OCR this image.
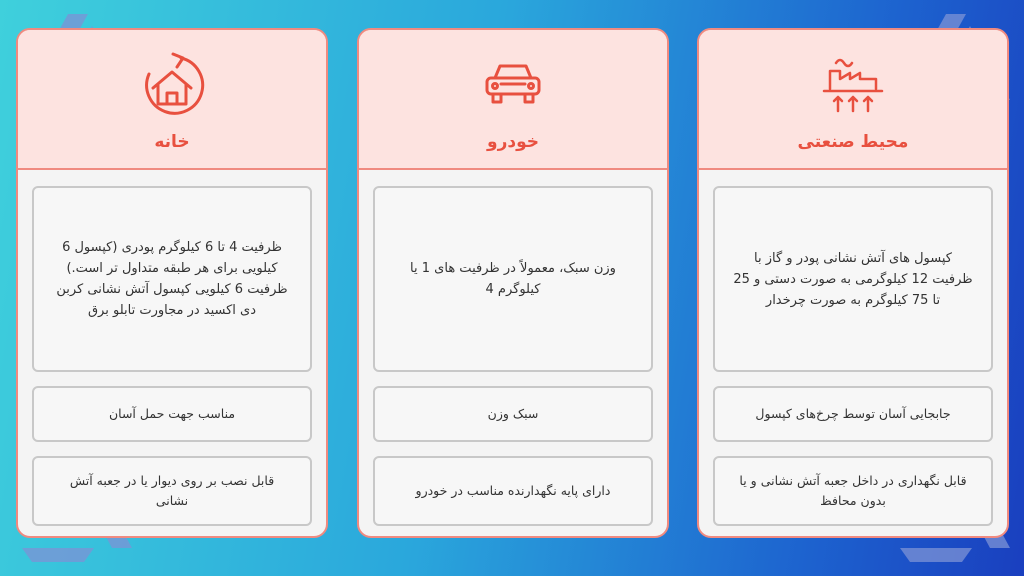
خانه
ظرفیت 4 تا 6 کیلوگرم پودری (کپسول 6 کیلویی برای هر طبقه متداول تر است.) ظرفیت 6 کیلویی کپسول آتش نشانی کربن دی اکسید در مجاورت تابلو برق
مناسب جهت حمل آسان
قابل نصب بر روی دیوار یا در جعبه آتش نشانی
خودرو
وزن سبک، معمولاً در ظرفیت های 1 یا کیلوگرم 4
سبک وزن
دارای پایه نگهدارنده مناسب در خودرو
محیط صنعتی
کپسول های آتش نشانی پودر و گاز با ظرفیت 12 کیلوگرمی به صورت دستی و 25 تا 75 کیلوگرم به صورت چرخدار
جابجایی آسان توسط چرخ‌های کپسول
قابل نگهداری در داخل جعبه آتش نشانی و یا بدون محافظ
